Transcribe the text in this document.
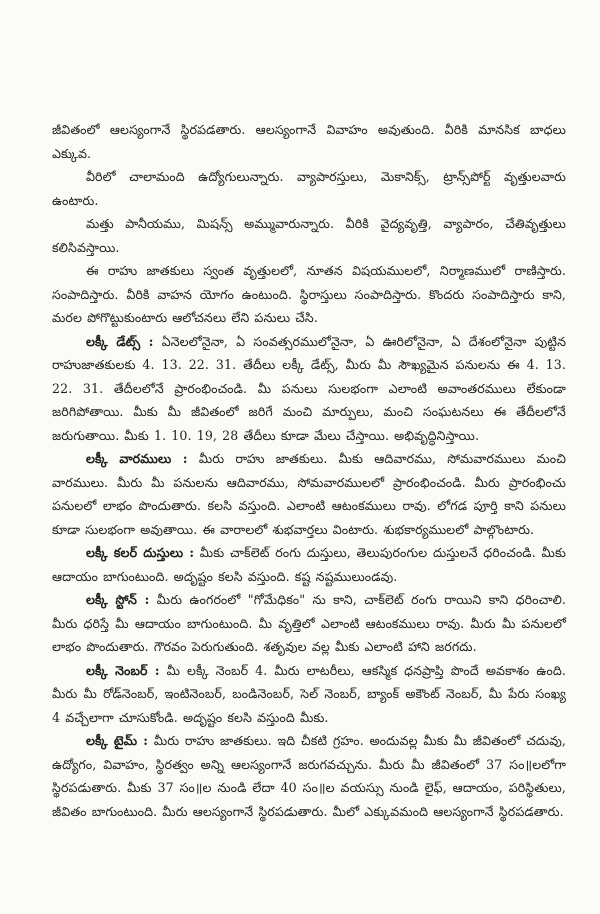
జీవితంలో ఆలస్యంగానే స్థిరపడతారు. ఆలస్యంగానే వివాహం అవుతుంది. వీరికి మానసిక బాధలు ఎక్కువ.

వీరిలో చాలామంది ఉద్యోగులున్నారు. వ్యాపారస్తులు, మెకానిక్స్, ట్రాన్స్‌పోర్ట్ వృత్తులవారు ఉంటారు.

మత్తు పానీయము, మిషన్స్ అమ్మువారున్నారు. వీరికి వైద్యవృత్తి, వ్యాపారం, చేతివృత్తులు కలిసివస్తాయి.

ఈ రాహు జాతకులు స్వంత వృత్తులలో, నూతన విషయములలో, నిర్మాణములో రాణిస్తారు. సంపాదిస్తారు. వీరికి వాహన యోగం ఉంటుంది. స్థిరాస్తులు సంపాదిస్తారు. కొందరు సంపాదిస్తారు కాని, మరల పోగొట్టుకుంటారు ఆలోచనలు లేని పనులు చేసి.

లక్కీ డేట్స్ : ఏనెలలోనైనా, ఏ సంవత్సరములోనైనా, ఏ ఊరిలోనైనా, ఏ దేశంలోనైనా పుట్టిన రాహుజాతకులకు 4. 13. 22. 31. తేదీలు లక్కీ డేట్స్, మీరు మీ సౌఖ్యమైన పనులను ఈ 4. 13. 22. 31. తేదీలలోనే ప్రారంభించండి. మీ పనులు సులభంగా ఎలాంటి అవాంతరములు లేకుండా జరిగిపోతాయి. మీకు మీ జీవితంలో జరిగే మంచి మార్పులు, మంచి సంఘటనలు ఈ తేదీలలోనే జరుగుతాయి. మీకు 1. 10. 19, 28 తేదీలు కూడా మేలు చేస్తాయి. అభివృద్ధినిస్తాయి.

లక్కీ వారములు : మీరు రాహు జాతకులు. మీకు ఆదివారము, సోమవారములు మంచి వారములు. మీరు మీ పనులను ఆదివారము, సోమవారములలో ప్రారంభించండి. మీరు ప్రారంభించు పనులలో లాభం పొందుతారు. కలసి వస్తుంది. ఎలాంటి ఆటంకములు రావు. లోగడ పూర్తి కాని పనులు కూడా సులభంగా అవుతాయి. ఈ వారాలలో శుభవార్తలు వింటారు. శుభకార్యములలో పాల్గొంటారు.

లక్కీ కలర్ దుస్తులు : మీకు చాక్‌లెట్ రంగు దుస్తులు, తెలుపురంగుల దుస్తులనే ధరించండి. మీకు ఆదాయం బాగుంటుంది. అదృష్టం కలసి వస్తుంది. కష్ట నష్టములుండవు.

లక్కీ స్టోన్ : మీరు ఉంగరంలో "గోమేధికం" ను కాని, చాక్‌లెట్ రంగు రాయిని కాని ధరించాలి. మీరు ధరిస్తే మీ ఆదాయం బాగుంటుంది. మీ వృత్తిలో ఎలాంటి ఆటంకములు రావు. మీరు మీ పనులలో లాభం పొందుతారు. గౌరవం పెరుగుతుంది. శతృవుల వల్ల మీకు ఎలాంటి హాని జరగదు.

లక్కీ నెంబర్ : మీ లక్కీ నెంబర్ 4. మీరు లాటరీలు, ఆకస్మిక ధనప్రాప్తి పొందే అవకాశం ఉంది. మీరు మీ రోడ్‌నెంబర్, ఇంటినెంబర్, బండినెంబర్, సెల్ నెంబర్, బ్యాంక్ అకౌంట్ నెంబర్, మీ పేరు సంఖ్య 4 వచ్చేలాగా చూసుకోండి. అదృష్టం కలసి వస్తుంది మీకు.

లక్కీ టైమ్ : మీరు రాహు జాతకులు. ఇది చీకటి గ్రహం. అందువల్ల మీకు మీ జీవితంలో చదువు, ఉద్యోగం, వివాహం, స్థిరత్వం అన్ని ఆలస్యంగానే జరుగవచ్చును. మీరు మీ జీవితంలో 37 సం॥లలోగా స్థిరపడుతారు. మీకు 37 సం॥ల నుండి లేదా 40 సం॥ల వయస్సు నుండి లైఫ్, ఆదాయం, పరిస్థితులు, జీవితం బాగుంటుంది. మీరు ఆలస్యంగానే స్థిరపడుతారు. మీలో ఎక్కువమంది ఆలస్యంగానే స్థిరపడతారు.
